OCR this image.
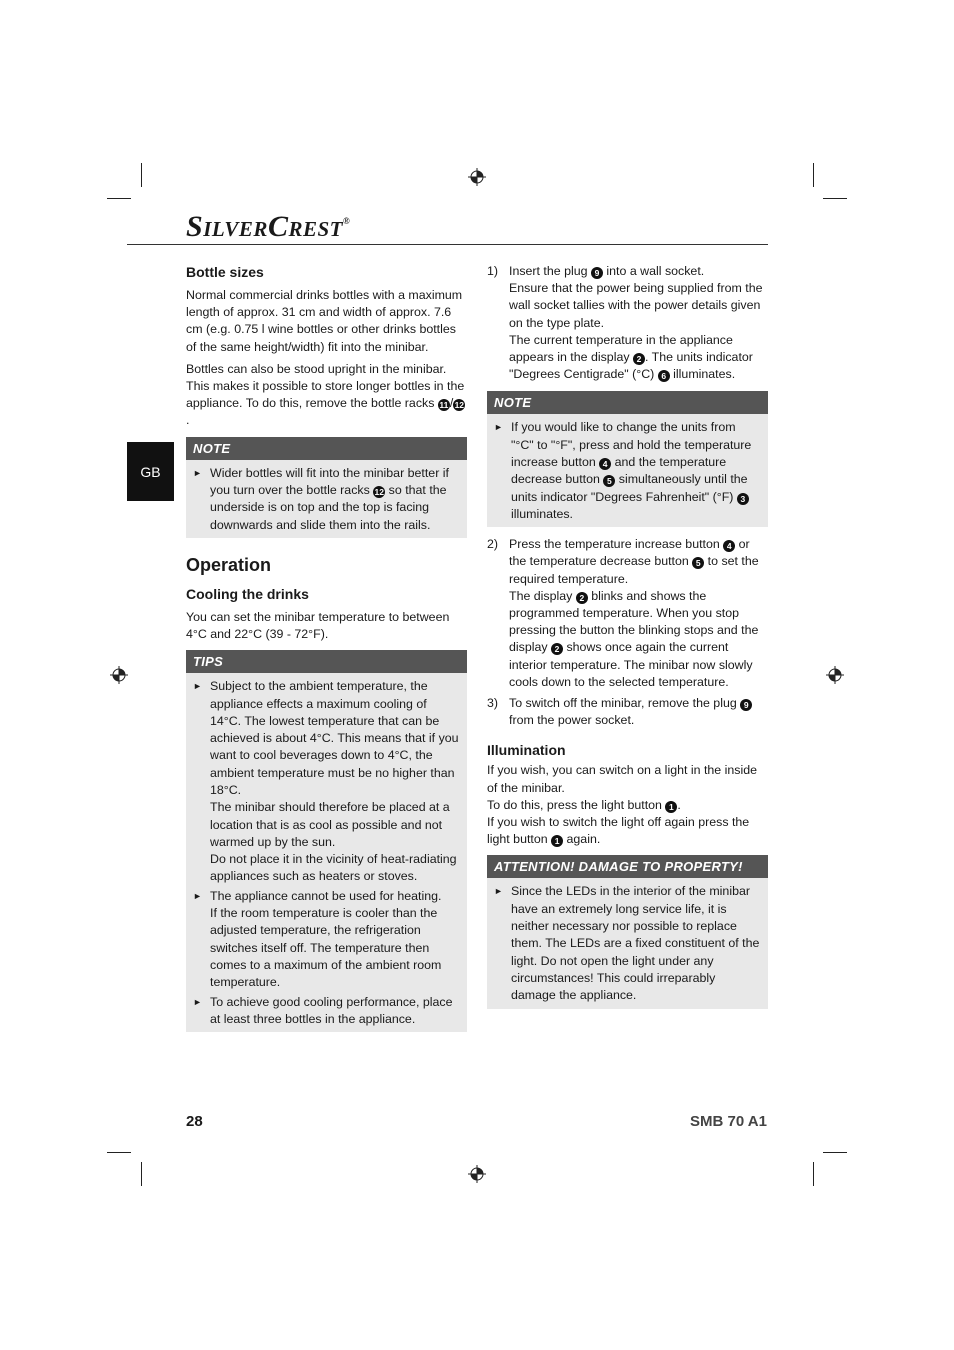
SILVERCREST®
GB
Bottle sizes

Normal commercial drinks bottles with a maximum length of approx. 31 cm and width of approx. 7.6 cm (e.g. 0.75 l wine bottles or other drinks bottles of the same height/width) fit into the minibar.

Bottles can also be stood upright in the minibar. This makes it possible to store longer bottles in the appliance. To do this, remove the bottle racks 11 /12.

NOTE
► Wider bottles will fit into the minibar better if you turn over the bottle racks 12 so that the underside is on top and the top is facing downwards and slide them into the rails.
Operation
Cooling the drinks

You can set the minibar temperature to between 4°C and 22°C (39 - 72°F).

TIPS
► Subject to the ambient temperature, the appliance effects a maximum cooling of 14°C. The lowest temperature that can be achieved is about 4°C. This means that if you want to cool beverages down to 4°C, the ambient temperature must be no higher than 18°C.
The minibar should therefore be placed at a location that is as cool as possible and not warmed up by the sun.
Do not place it in the vicinity of heat-radiating appliances such as heaters or stoves.
► The appliance cannot be used for heating.
If the room temperature is cooler than the adjusted temperature, the refrigeration switches itself off. The temperature then comes to a maximum of the ambient room temperature.
► To achieve good cooling performance, place at least three bottles in the appliance.
1) Insert the plug 9 into a wall socket.
Ensure that the power being supplied from the wall socket tallies with the power details given on the type plate.
The current temperature in the appliance appears in the display 2 . The units indicator "Degrees Centigrade" (°C) 6 illuminates.
NOTE
► If you would like to change the units from "°C" to "°F", press and hold the temperature increase button 4 and the temperature decrease button 5 simultaneously until the units indicator "Degrees Fahrenheit" (°F) 3 illuminates.
2) Press the temperature increase button 4 or the temperature decrease button 5 to set the required temperature.
The display 2 blinks and shows the programmed temperature. When you stop pressing the button the blinking stops and the display 2 shows once again the current interior temperature. The minibar now slowly cools down to the selected temperature.
3) To switch off the minibar, remove the plug 9 from the power socket.
Illumination

If you wish, you can switch on a light in the inside of the minibar.

To do this, press the light button 1 .

If you wish to switch the light off again press the light button 1 again.

ATTENTION! DAMAGE TO PROPERTY!
► Since the LEDs in the interior of the minibar have an extremely long service life, it is neither necessary nor possible to replace them. The LEDs are a fixed constituent of the light. Do not open the light under any circumstances! This could irreparably damage the appliance.
28	SMB 70 A1
